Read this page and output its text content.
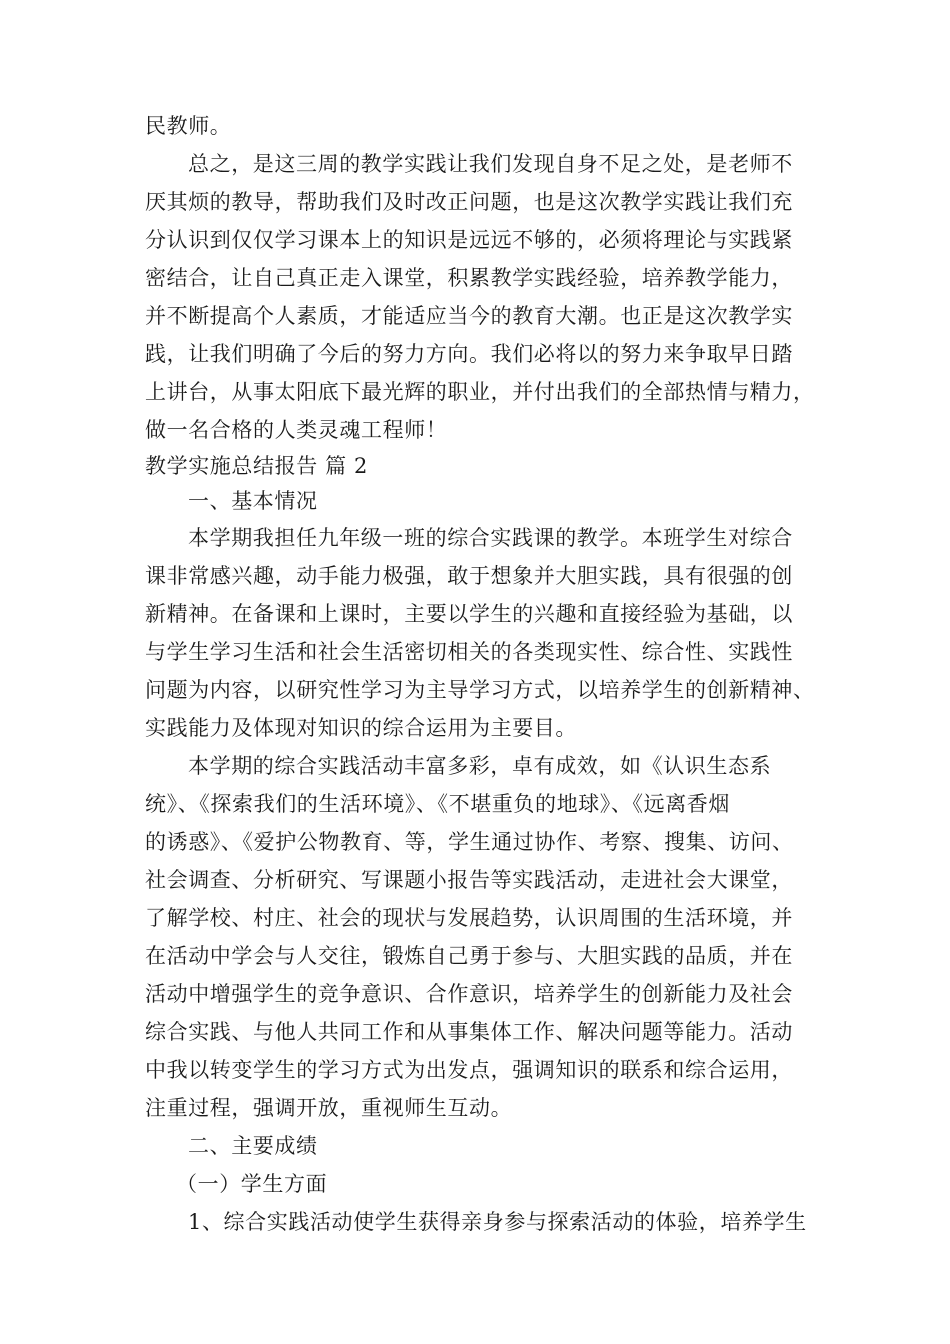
民教师。
总之，是这三周的教学实践让我们发现自身不足之处，是老师不
厌其烦的教导，帮助我们及时改正问题，也是这次教学实践让我们充
分认识到仅仅学习课本上的知识是远远不够的，必须将理论与实践紧
密结合，让自己真正走入课堂，积累教学实践经验，培养教学能力，
并不断提高个人素质，才能适应当今的教育大潮。也正是这次教学实
践，让我们明确了今后的努力方向。我们必将以的努力来争取早日踏
上讲台，从事太阳底下最光辉的职业，并付出我们的全部热情与精力，
做一名合格的人类灵魂工程师！
教学实施总结报告 篇 2
一、基本情况
本学期我担任九年级一班的综合实践课的教学。本班学生对综合
课非常感兴趣，动手能力极强，敢于想象并大胆实践，具有很强的创
新精神。在备课和上课时，主要以学生的兴趣和直接经验为基础，以
与学生学习生活和社会生活密切相关的各类现实性、综合性、实践性
问题为内容，以研究性学习为主导学习方式，以培养学生的创新精神、
实践能力及体现对知识的综合运用为主要目。
本学期的综合实践活动丰富多彩，卓有成效，如《认识生态系
统》、《探索我们的生活环境》、《不堪重负的地球》、《远离香烟
的诱惑》、《爱护公物教育、等，学生通过协作、考察、搜集、访问、
社会调查、分析研究、写课题小报告等实践活动，走进社会大课堂，
了解学校、村庄、社会的现状与发展趋势，认识周围的生活环境，并
在活动中学会与人交往，锻炼自己勇于参与、大胆实践的品质，并在
活动中增强学生的竞争意识、合作意识，培养学生的创新能力及社会
综合实践、与他人共同工作和从事集体工作、解决问题等能力。活动
中我以转变学生的学习方式为出发点，强调知识的联系和综合运用，
注重过程，强调开放，重视师生互动。
二、主要成绩
（一）学生方面
1、综合实践活动使学生获得亲身参与探索活动的体验，培养学生
